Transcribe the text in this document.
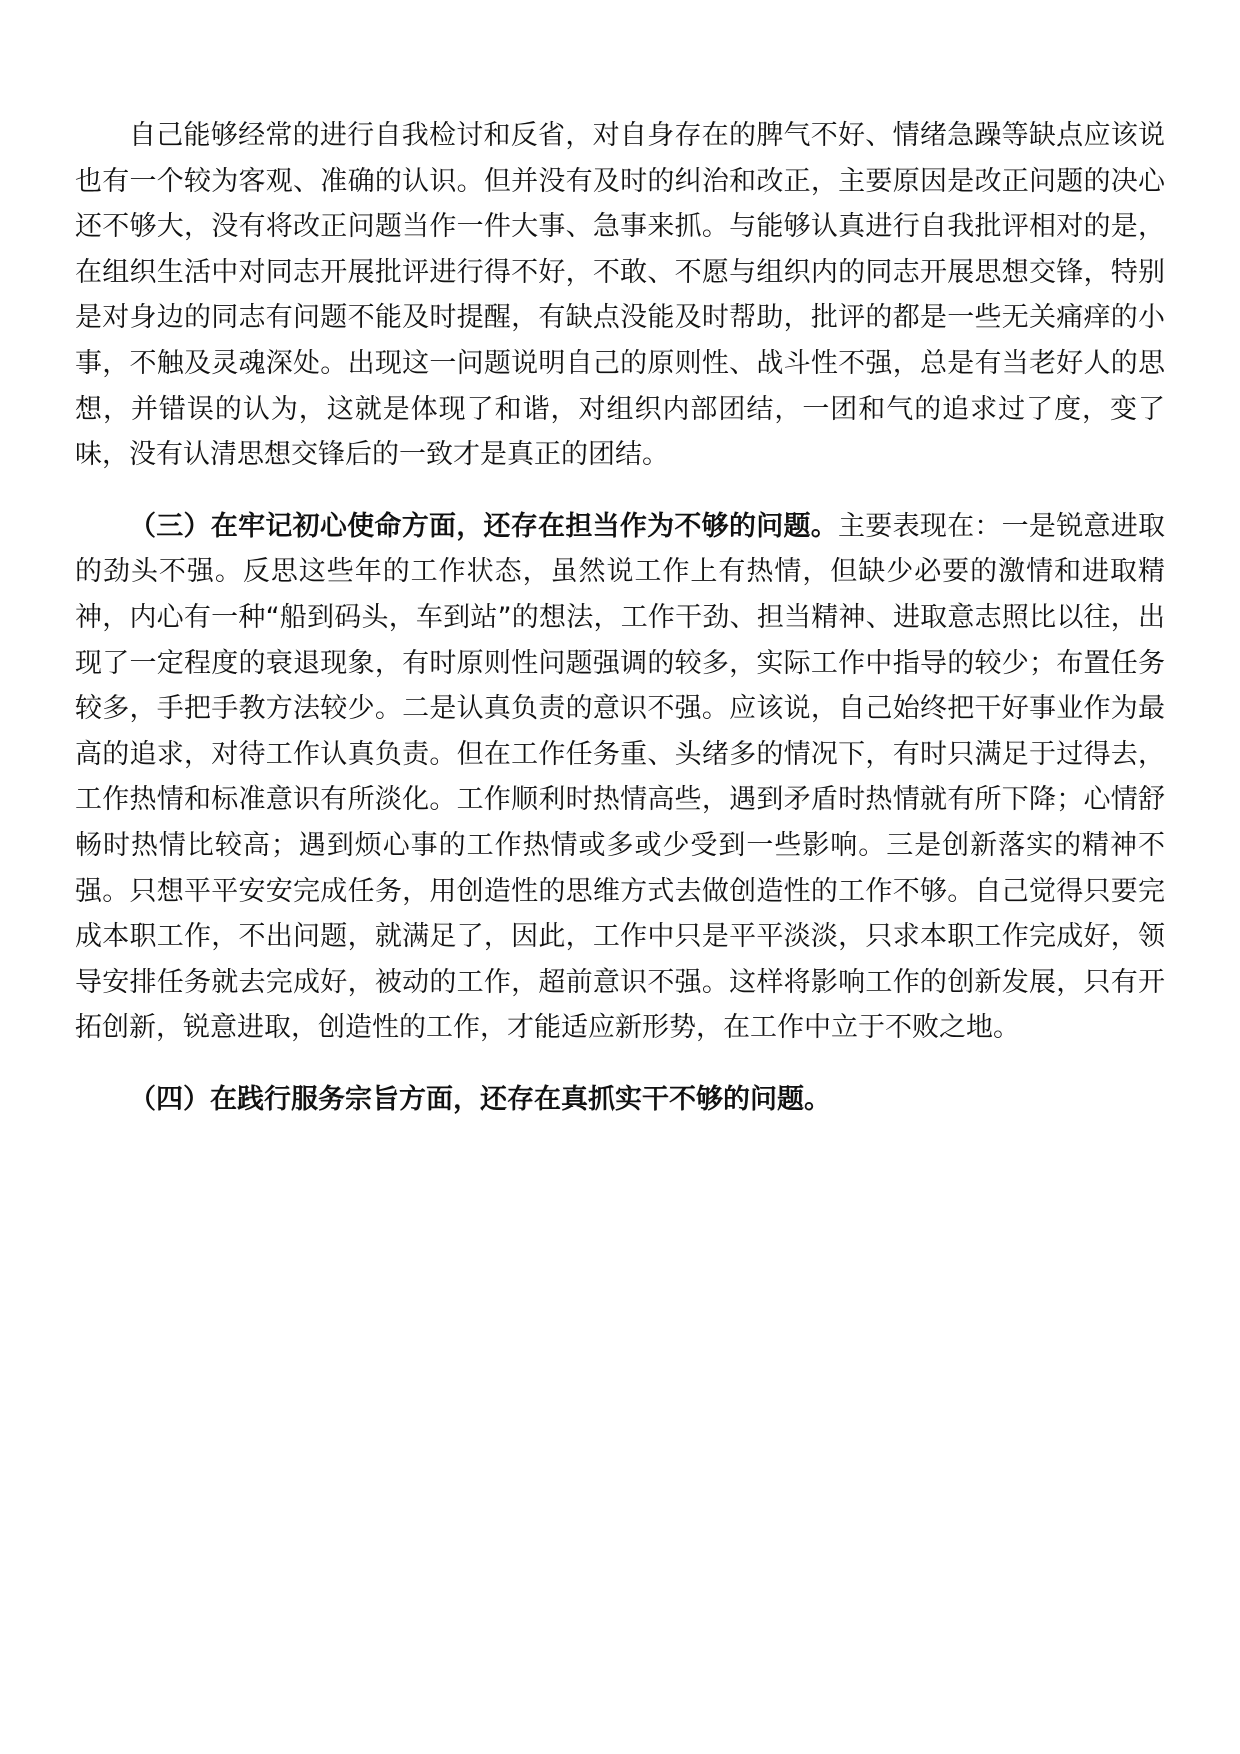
自己能够经常的进行自我检讨和反省，对自身存在的脾气不好、情绪急躁等缺点应该说也有一个较为客观、准确的认识。但并没有及时的纠治和改正，主要原因是改正问题的决心还不够大，没有将改正问题当作一件大事、急事来抓。与能够认真进行自我批评相对的是，在组织生活中对同志开展批评进行得不好，不敢、不愿与组织内的同志开展思想交锋，特别是对身边的同志有问题不能及时提醒，有缺点没能及时帮助，批评的都是一些无关痛痒的小事，不触及灵魂深处。出现这一问题说明自己的原则性、战斗性不强，总是有当老好人的思想，并错误的认为，这就是体现了和谐，对组织内部团结，一团和气的追求过了度，变了味，没有认清思想交锋后的一致才是真正的团结。

（三）在牢记初心使命方面，还存在担当作为不够的问题。主要表现在：一是锐意进取的劲头不强。反思这些年的工作状态，虽然说工作上有热情，但缺少必要的激情和进取精神，内心有一种“船到码头，车到站”的想法，工作干劲、担当精神、进取意志照比以往，出现了一定程度的衰退现象，有时原则性问题强调的较多，实际工作中指导的较少；布置任务较多，手把手教方法较少。二是认真负责的意识不强。应该说，自己始终把干好事业作为最高的追求，对待工作认真负责。但在工作任务重、头绪多的情况下，有时只满足于过得去，工作热情和标准意识有所淡化。工作顺利时热情高些，遇到矛盾时热情就有所下降；心情舒畅时热情比较高；遇到烦心事的工作热情或多或少受到一些影响。三是创新落实的精神不强。只想平平安安完成任务，用创造性的思维方式去做创造性的工作不够。自己觉得只要完成本职工作，不出问题，就满足了，因此，工作中只是平平淡淡，只求本职工作完成好，领导安排任务就去完成好，被动的工作，超前意识不强。这样将影响工作的创新发展，只有开拓创新，锐意进取，创造性的工作，才能适应新形势，在工作中立于不败之地。

（四）在践行服务宗旨方面，还存在真抓实干不够的问题。
